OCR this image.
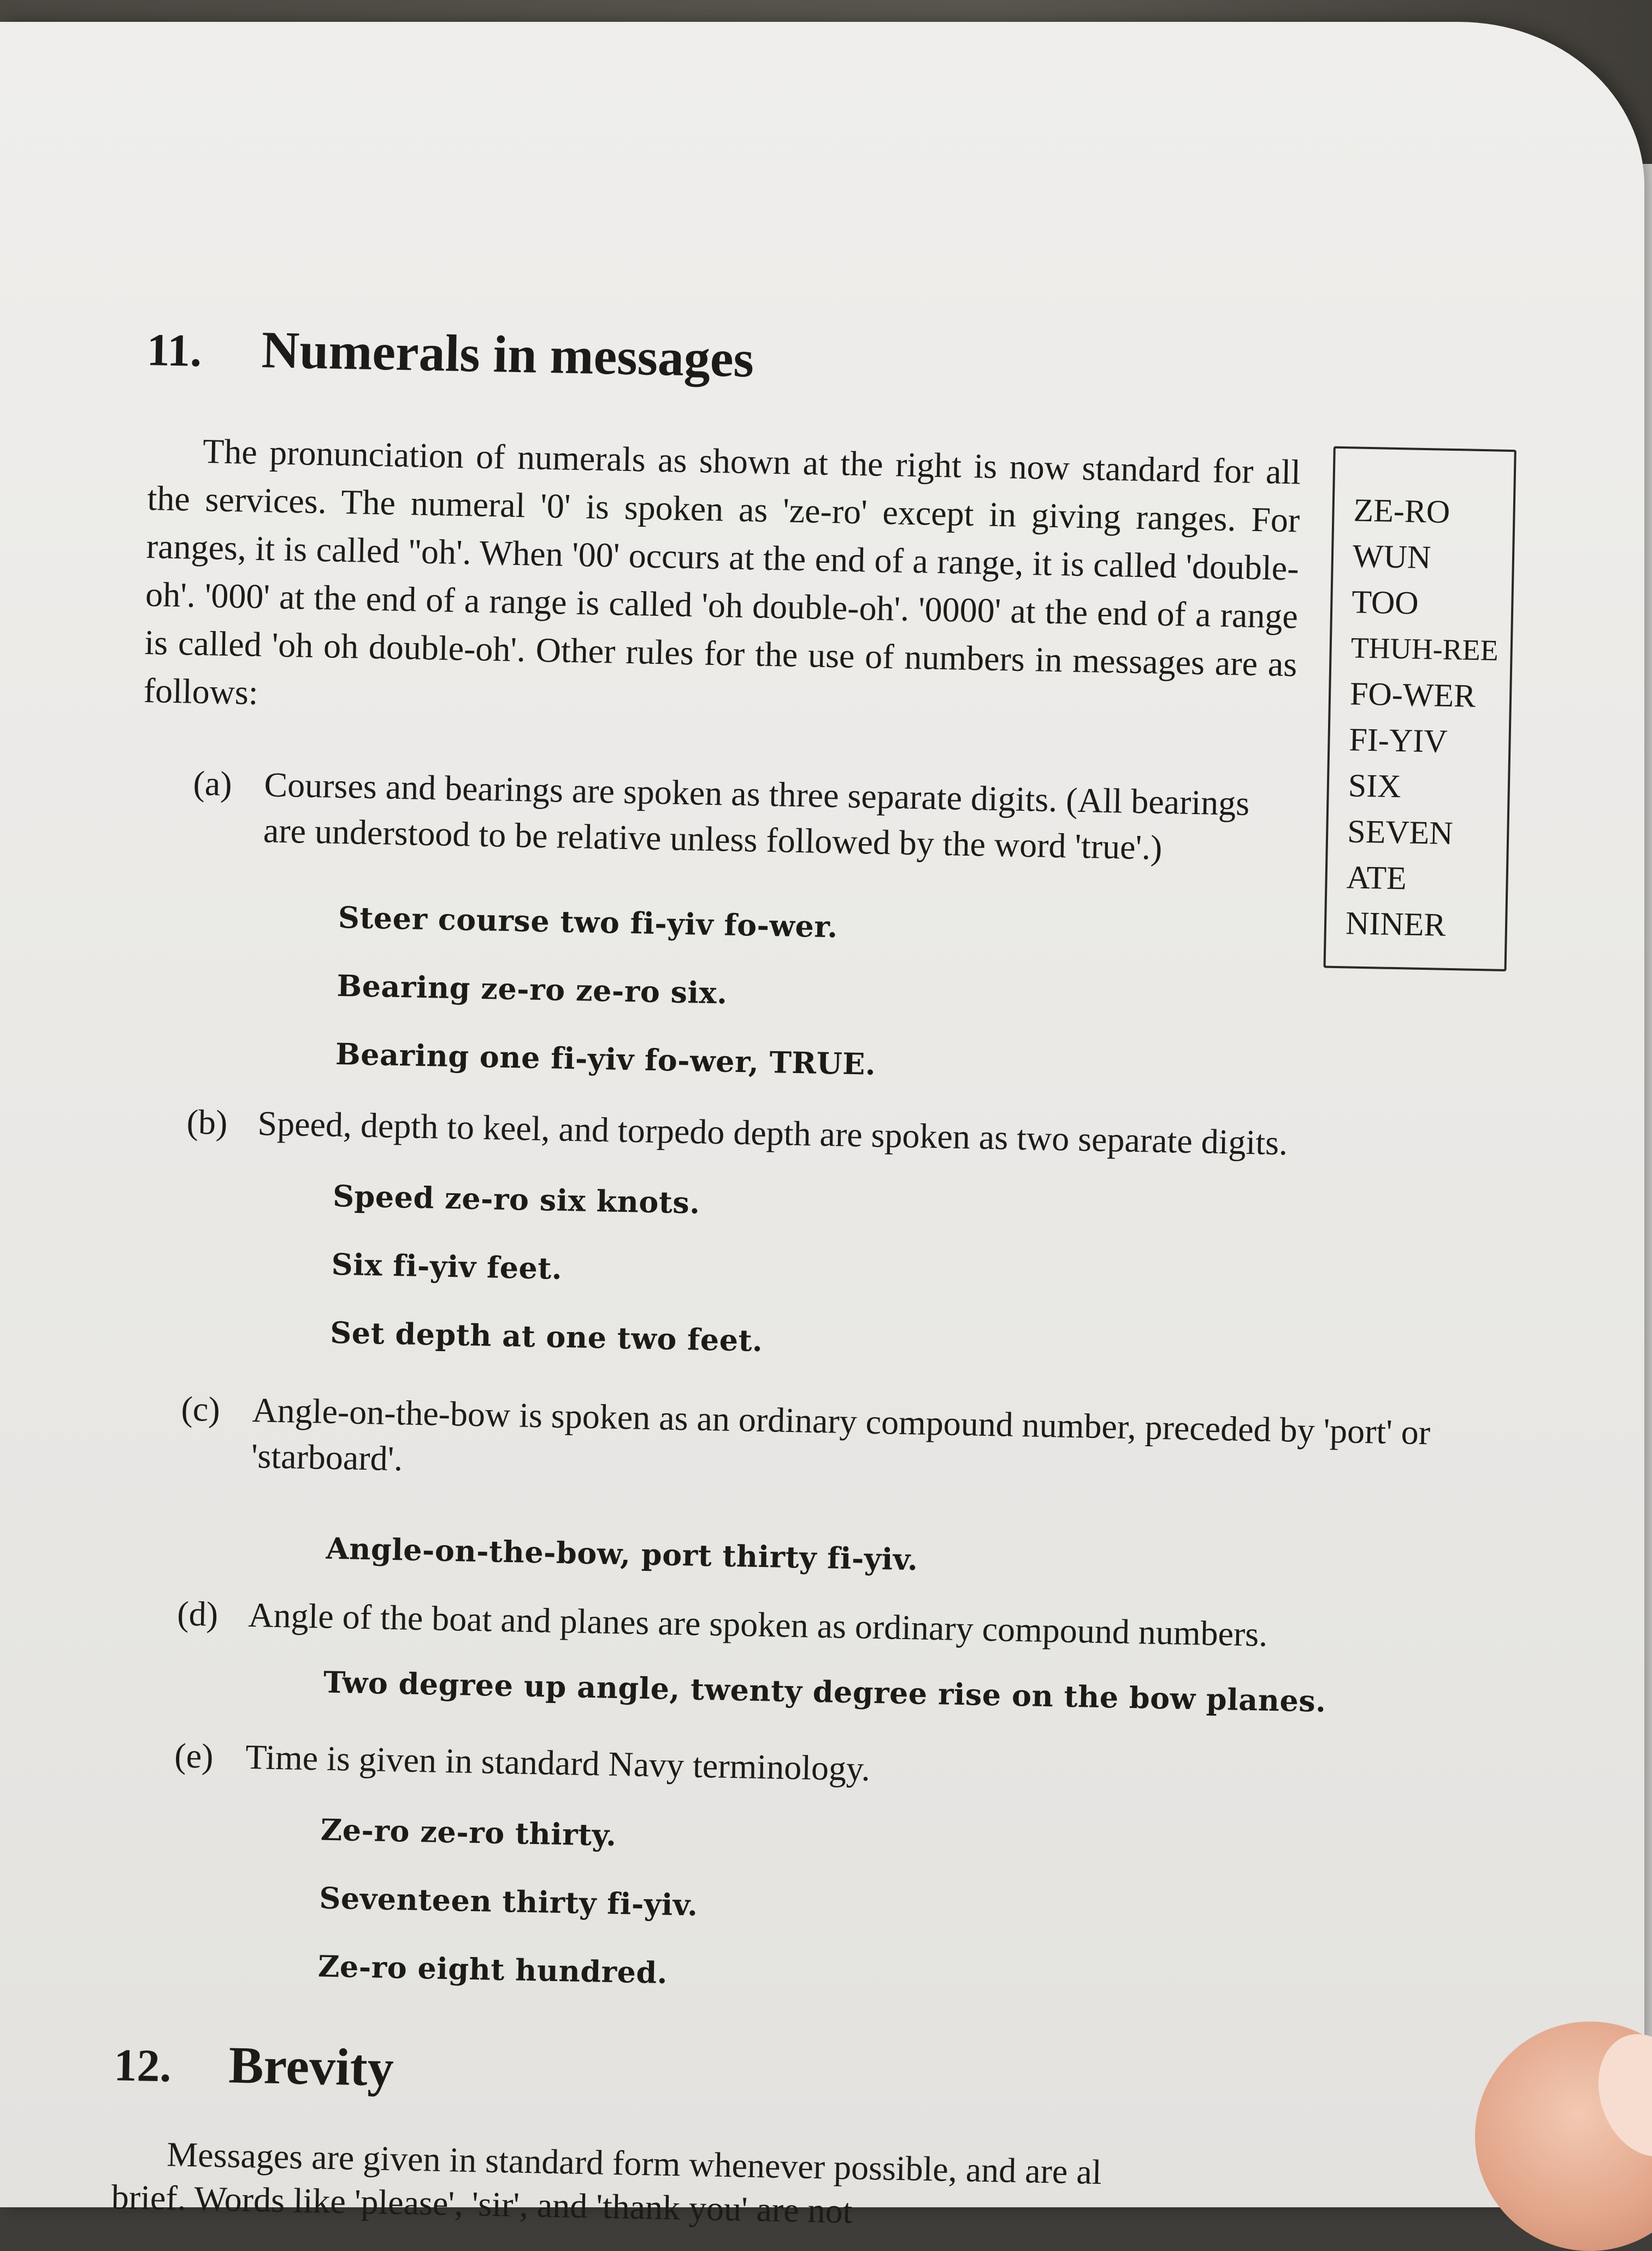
11. Numerals in messages

The pronunciation of numerals as shown at the right is now standard for all the services. The numeral '0' is spoken as 'ze-ro' except in giving ranges. For ranges, it is called ''oh'. When '00' occurs at the end of a range, it is called 'double-oh'. '000' at the end of a range is called 'oh double-oh'. '0000' at the end of a range is called 'oh oh double-oh'. Other rules for the use of numbers in messages are as follows:

ZE-RO
WUN
TOO
THUH-REE
FO-WER
FI-YIV
SIX
SEVEN
ATE
NINER
(a) Courses and bearings are spoken as three separate digits. (All bearings are understood to be relative unless followed by the word 'true'.)
Steer course two fi-yiv fo-wer.
Bearing ze-ro ze-ro six.
Bearing one fi-yiv fo-wer, TRUE.
(b) Speed, depth to keel, and torpedo depth are spoken as two separate digits.
Speed ze-ro six knots.
Six fi-yiv feet.
Set depth at one two feet.
(c) Angle-on-the-bow is spoken as an ordinary compound number, preceded by 'port' or 'starboard'.
Angle-on-the-bow, port thirty fi-yiv.
(d) Angle of the boat and planes are spoken as ordinary compound numbers.
Two degree up angle, twenty degree rise on the bow planes.
(e) Time is given in standard Navy terminology.
Ze-ro ze-ro thirty.
Seventeen thirty fi-yiv.
Ze-ro eight hundred.
12. Brevity
Messages are given in standard form whenever possible, and are al
brief. Words like 'please', 'sir', and 'thank you' are not
